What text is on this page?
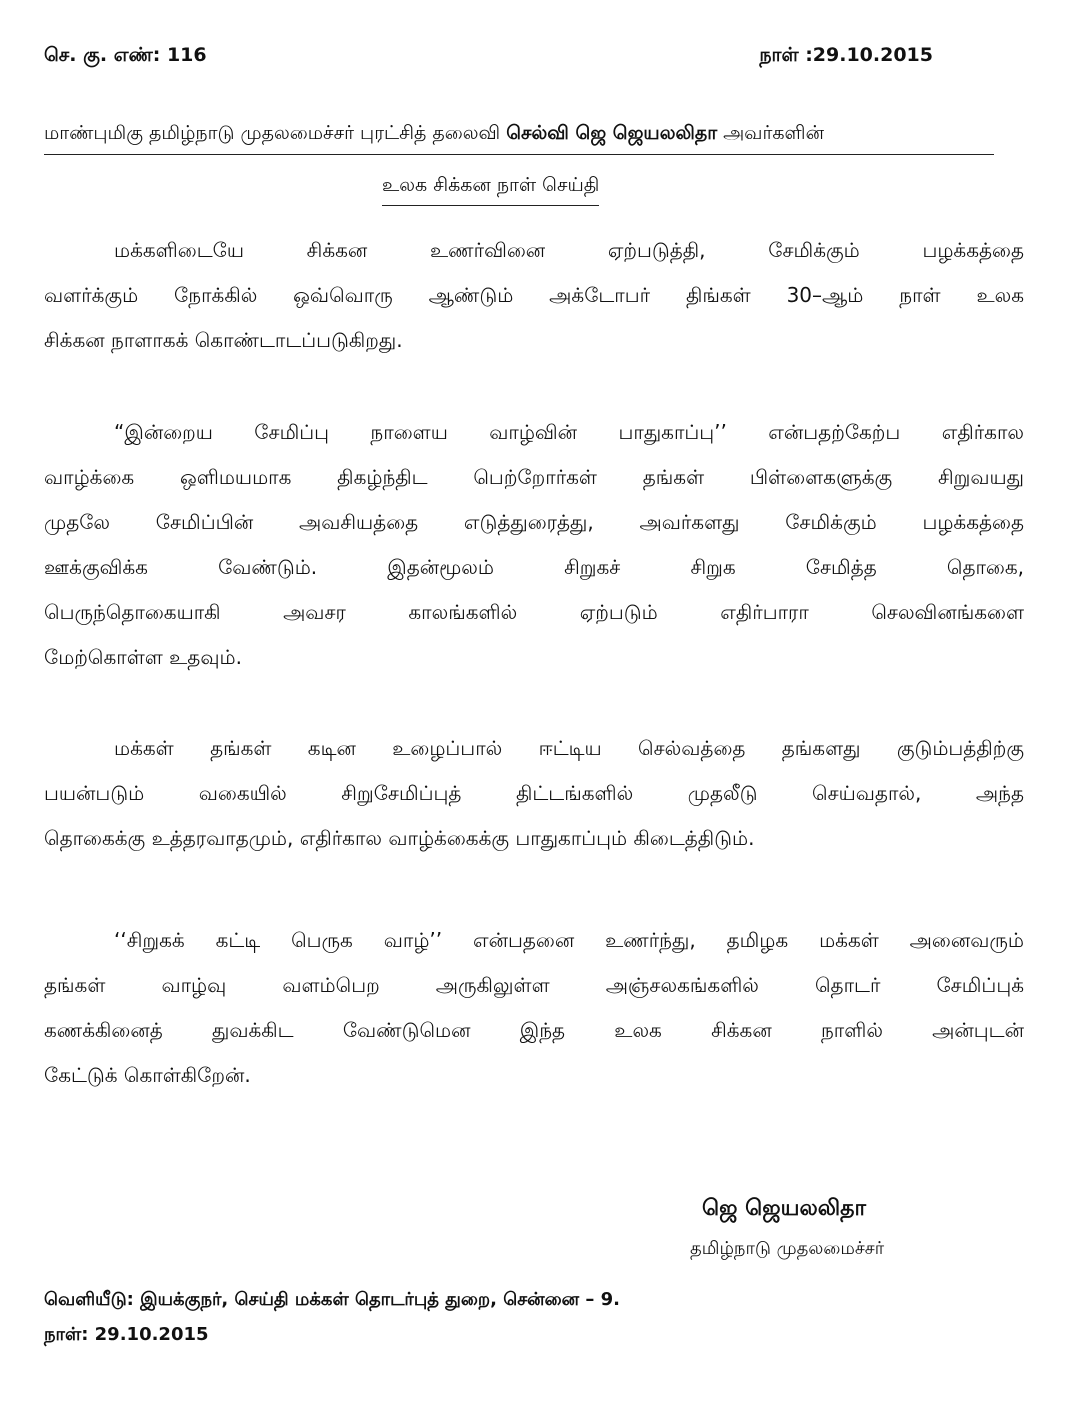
செ. கு. எண்: 116	நாள் :29.10.2015
மாண்புமிகு தமிழ்நாடு முதலமைச்சர் புரட்சித் தலைவி செல்வி ஜெ ஜெயலலிதா அவர்களின்
உலக சிக்கன நாள் செய்தி
மக்களிடையே சிக்கன உணர்வினை ஏற்படுத்தி, சேமிக்கும் பழக்கத்தை
வளர்க்கும் நோக்கில் ஒவ்வொரு ஆண்டும் அக்டோபர் திங்கள் 30–ஆம் நாள் உலக
சிக்கன நாளாகக் கொண்டாடப்படுகிறது.
“இன்றைய சேமிப்பு நாளைய வாழ்வின் பாதுகாப்பு’’ என்பதற்கேற்ப எதிர்கால
வாழ்க்கை ஒளிமயமாக திகழ்ந்திட பெற்றோர்கள் தங்கள் பிள்ளைகளுக்கு சிறுவயது
முதலே சேமிப்பின் அவசியத்தை எடுத்துரைத்து, அவர்களது சேமிக்கும் பழக்கத்தை
ஊக்குவிக்க வேண்டும். இதன்மூலம் சிறுகச் சிறுக சேமித்த தொகை,
பெருந்தொகையாகி அவசர காலங்களில் ஏற்படும் எதிர்பாரா செலவினங்களை
மேற்கொள்ள உதவும்.
மக்கள் தங்கள் கடின உழைப்பால் ஈட்டிய செல்வத்தை தங்களது குடும்பத்திற்கு
பயன்படும் வகையில் சிறுசேமிப்புத் திட்டங்களில் முதலீடு செய்வதால், அந்த
தொகைக்கு உத்தரவாதமும், எதிர்கால வாழ்க்கைக்கு பாதுகாப்பும் கிடைத்திடும்.
‘‘சிறுகக் கட்டி பெருக வாழ்’’ என்பதனை உணர்ந்து, தமிழக மக்கள் அனைவரும்
தங்கள் வாழ்வு வளம்பெற அருகிலுள்ள அஞ்சலகங்களில் தொடர் சேமிப்புக்
கணக்கினைத் துவக்கிட வேண்டுமென இந்த உலக சிக்கன நாளில் அன்புடன்
கேட்டுக் கொள்கிறேன்.
ஜெ ஜெயலலிதா
தமிழ்நாடு முதலமைச்சர்
வெளியீடு: இயக்குநர், செய்தி மக்கள் தொடர்புத் துறை, சென்னை – 9.
நாள்: 29.10.2015
